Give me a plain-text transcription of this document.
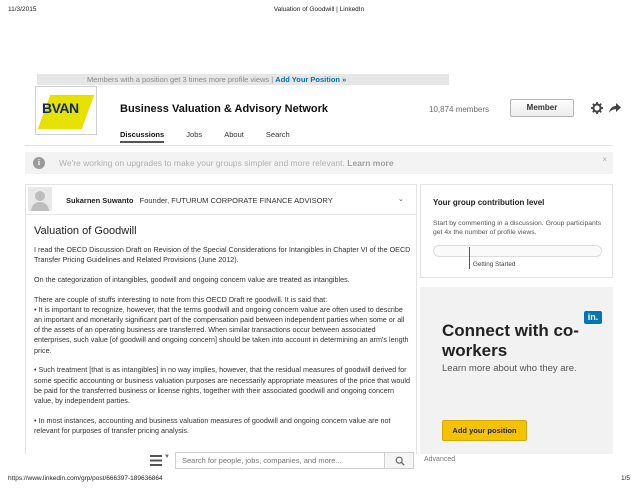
11/3/2015	Valuation of Goodwill | LinkedIn
Members with a position get 3 times more profile views | Add Your Position »
BVAN	Business Valuation & Advisory Network	10,874 members	Member
Discussions	Jobs	About	Search
i	We're working on upgrades to make your groups simpler and more relevant. Learn more	×
Sukarnen Suwanto Founder, FUTURUM CORPORATE FINANCE ADVISORY	⌄
Valuation of Goodwill

I read the OECD Discussion Draft on Revision of the Special Considerations for Intangibles in Chapter VI of the OECD Transfer Pricing Guidelines and Related Provisions (June 2012).

On the categorization of intangibles, goodwill and ongoing concern value are treated as intangibles.

There are couple of stuffs interesting to note from this OECD Draft re goodwill. It is said that:
• It is important to recognize, however, that the terms goodwill and ongoing concern value are often used to describe an important and monetarily significant part of the compensation paid between independent parties when some or all of the assets of an operating business are transferred. When similar transactions occur between associated enterprises, such value [of goodwill and ongoing concern] should be taken into account in determining an arm's length price.

• Such treatment [that is as intangibles] in no way implies, however, that the residual measures of goodwill derived for some specific accounting or business valuation purposes are necessarily appropriate measures of the price that would be paid for the transferred business or license rights, together with their associated goodwill and ongoing concern value, by independent parties.

• In most instances, accounting and business valuation measures of goodwill and ongoing concern value are not relevant for purposes of transfer pricing analysis.

Your group contribution level
Start by commenting in a discussion. Group participants get 4x the number of profile views.
Getting Started
in.
Connect with co-workers
Learn more about who they are.
Add your position
▼
Search for people, jobs, companies, and more...	Advanced
https://www.linkedin.com/grp/post/666397-189636864	1/5
